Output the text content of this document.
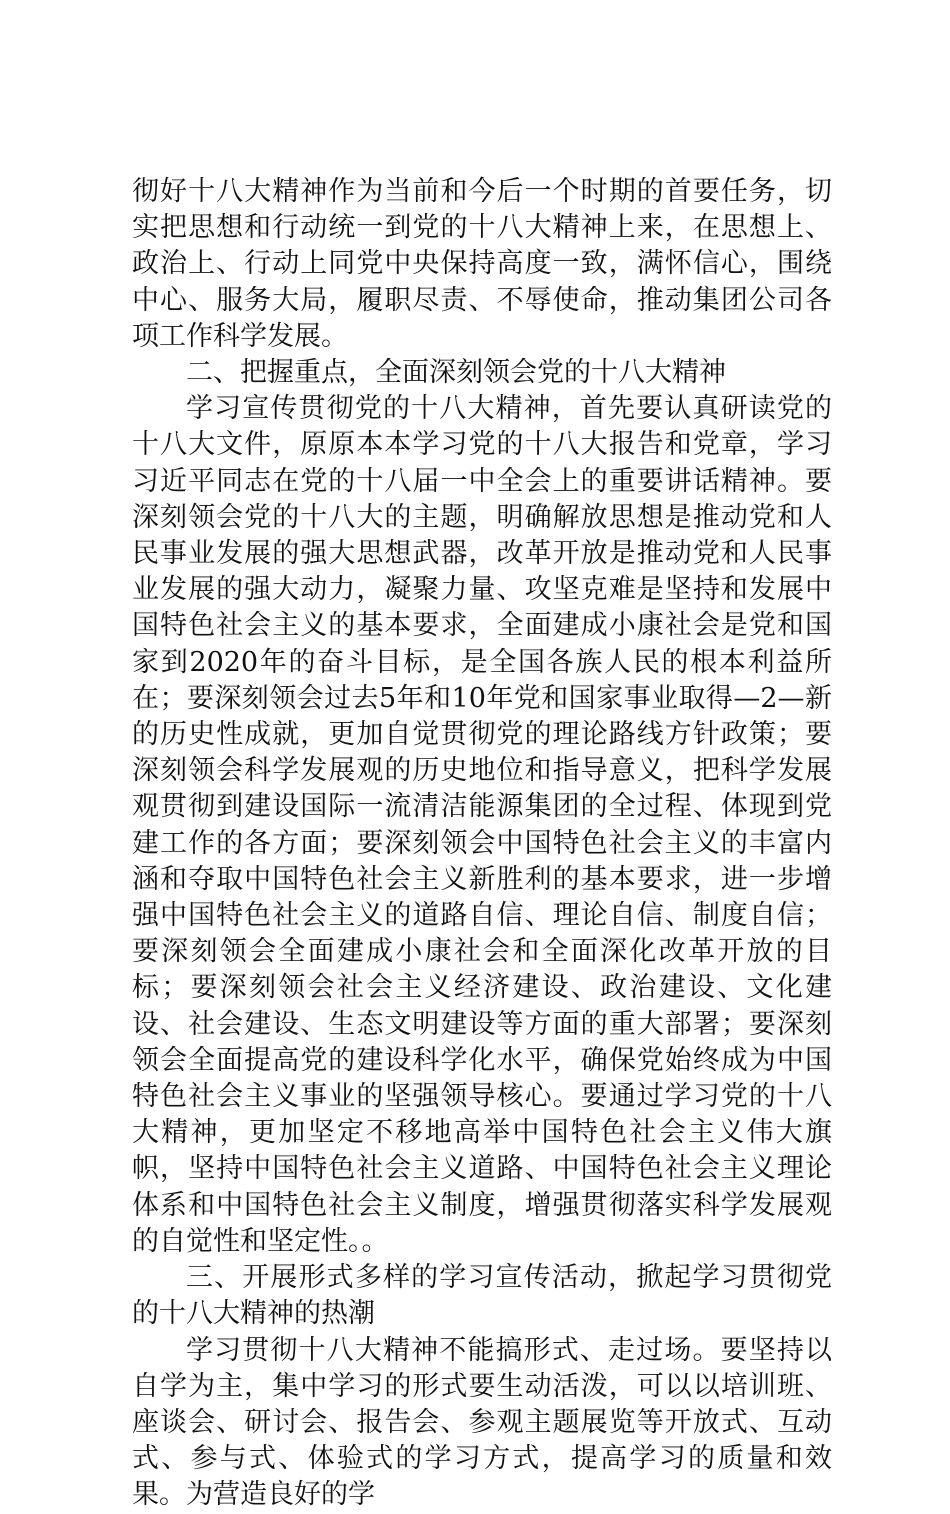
彻好十八大精神作为当前和今后一个时期的首要任务，切实把思想和行动统一到党的十八大精神上来，在思想上、政治上、行动上同党中央保持高度一致，满怀信心，围绕中心、服务大局，履职尽责、不辱使命，推动集团公司各项工作科学发展。

二、把握重点，全面深刻领会党的十八大精神

学习宣传贯彻党的十八大精神，首先要认真研读党的十八大文件，原原本本学习党的十八大报告和党章，学习习近平同志在党的十八届一中全会上的重要讲话精神。要深刻领会党的十八大的主题，明确解放思想是推动党和人民事业发展的强大思想武器，改革开放是推动党和人民事业发展的强大动力，凝聚力量、攻坚克难是坚持和发展中国特色社会主义的基本要求，全面建成小康社会是党和国家到2020年的奋斗目标，是全国各族人民的根本利益所在；要深刻领会过去5年和10年党和国家事业取得—2—新的历史性成就，更加自觉贯彻党的理论路线方针政策；要深刻领会科学发展观的历史地位和指导意义，把科学发展观贯彻到建设国际一流清洁能源集团的全过程、体现到党建工作的各方面；要深刻领会中国特色社会主义的丰富内涵和夺取中国特色社会主义新胜利的基本要求，进一步增强中国特色社会主义的道路自信、理论自信、制度自信；要深刻领会全面建成小康社会和全面深化改革开放的目标；要深刻领会社会主义经济建设、政治建设、文化建设、社会建设、生态文明建设等方面的重大部署；要深刻领会全面提高党的建设科学化水平，确保党始终成为中国特色社会主义事业的坚强领导核心。要通过学习党的十八大精神，更加坚定不移地高举中国特色社会主义伟大旗帜，坚持中国特色社会主义道路、中国特色社会主义理论体系和中国特色社会主义制度，增强贯彻落实科学发展观的自觉性和坚定性。。

三、开展形式多样的学习宣传活动，掀起学习贯彻党的十八大精神的热潮

学习贯彻十八大精神不能搞形式、走过场。要坚持以自学为主，集中学习的形式要生动活泼，可以以培训班、座谈会、研讨会、报告会、参观主题展览等开放式、互动式、参与式、体验式的学习方式，提高学习的质量和效果。为营造良好的学
